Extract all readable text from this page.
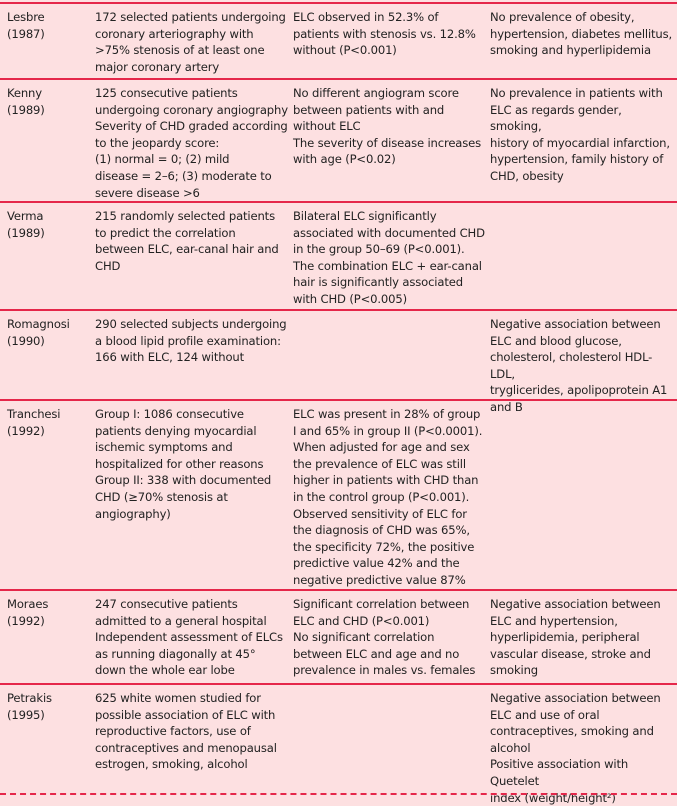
Lesbre
(1987)
172 selected patients undergoing
coronary arteriography with
>75% stenosis of at least one
major coronary artery
ELC observed in 52.3% of
patients with stenosis vs. 12.8%
without (P<0.001)
No prevalence of obesity,
hypertension, diabetes mellitus,
smoking and hyperlipidemia
Kenny
(1989)
125 consecutive patients
undergoing coronary angiography
Severity of CHD graded according
to the jeopardy score:
(1) normal = 0; (2) mild
disease = 2–6; (3) moderate to
severe disease >6
No different angiogram score
between patients with and
without ELC
The severity of disease increases
with age (P<0.02)
No prevalence in patients with
ELC as regards gender, smoking,
history of myocardial infarction,
hypertension, family history of
CHD, obesity
Verma
(1989)
215 randomly selected patients
to predict the correlation
between ELC, ear-canal hair and
CHD
Bilateral ELC significantly
associated with documented CHD
in the group 50–69 (P<0.001).
The combination ELC + ear-canal
hair is significantly associated
with CHD (P<0.005)
Romagnosi
(1990)
290 selected subjects undergoing
a blood lipid profile examination:
166 with ELC, 124 without
Negative association between
ELC and blood glucose,
cholesterol, cholesterol HDL-LDL,
tryglicerides, apolipoprotein A1
and B
Tranchesi
(1992)
Group I: 1086 consecutive
patients denying myocardial
ischemic symptoms and
hospitalized for other reasons
Group II: 338 with documented
CHD (≥70% stenosis at
angiography)
ELC was present in 28% of group
I and 65% in group II (P<0.0001).
When adjusted for age and sex
the prevalence of ELC was still
higher in patients with CHD than
in the control group (P<0.001).
Observed sensitivity of ELC for
the diagnosis of CHD was 65%,
the specificity 72%, the positive
predictive value 42% and the
negative predictive value 87%
Moraes
(1992)
247 consecutive patients
admitted to a general hospital
Independent assessment of ELCs
as running diagonally at 45°
down the whole ear lobe
Significant correlation between
ELC and CHD (P<0.001)
No significant correlation
between ELC and age and no
prevalence in males vs. females
Negative association between
ELC and hypertension,
hyperlipidemia, peripheral
vascular disease, stroke and
smoking
Petrakis
(1995)
625 white women studied for
possible association of ELC with
reproductive factors, use of
contraceptives and menopausal
estrogen, smoking, alcohol
Negative association between
ELC and use of oral
contraceptives, smoking and
alcohol
Positive association with Quetelet
index (weight/height²)
